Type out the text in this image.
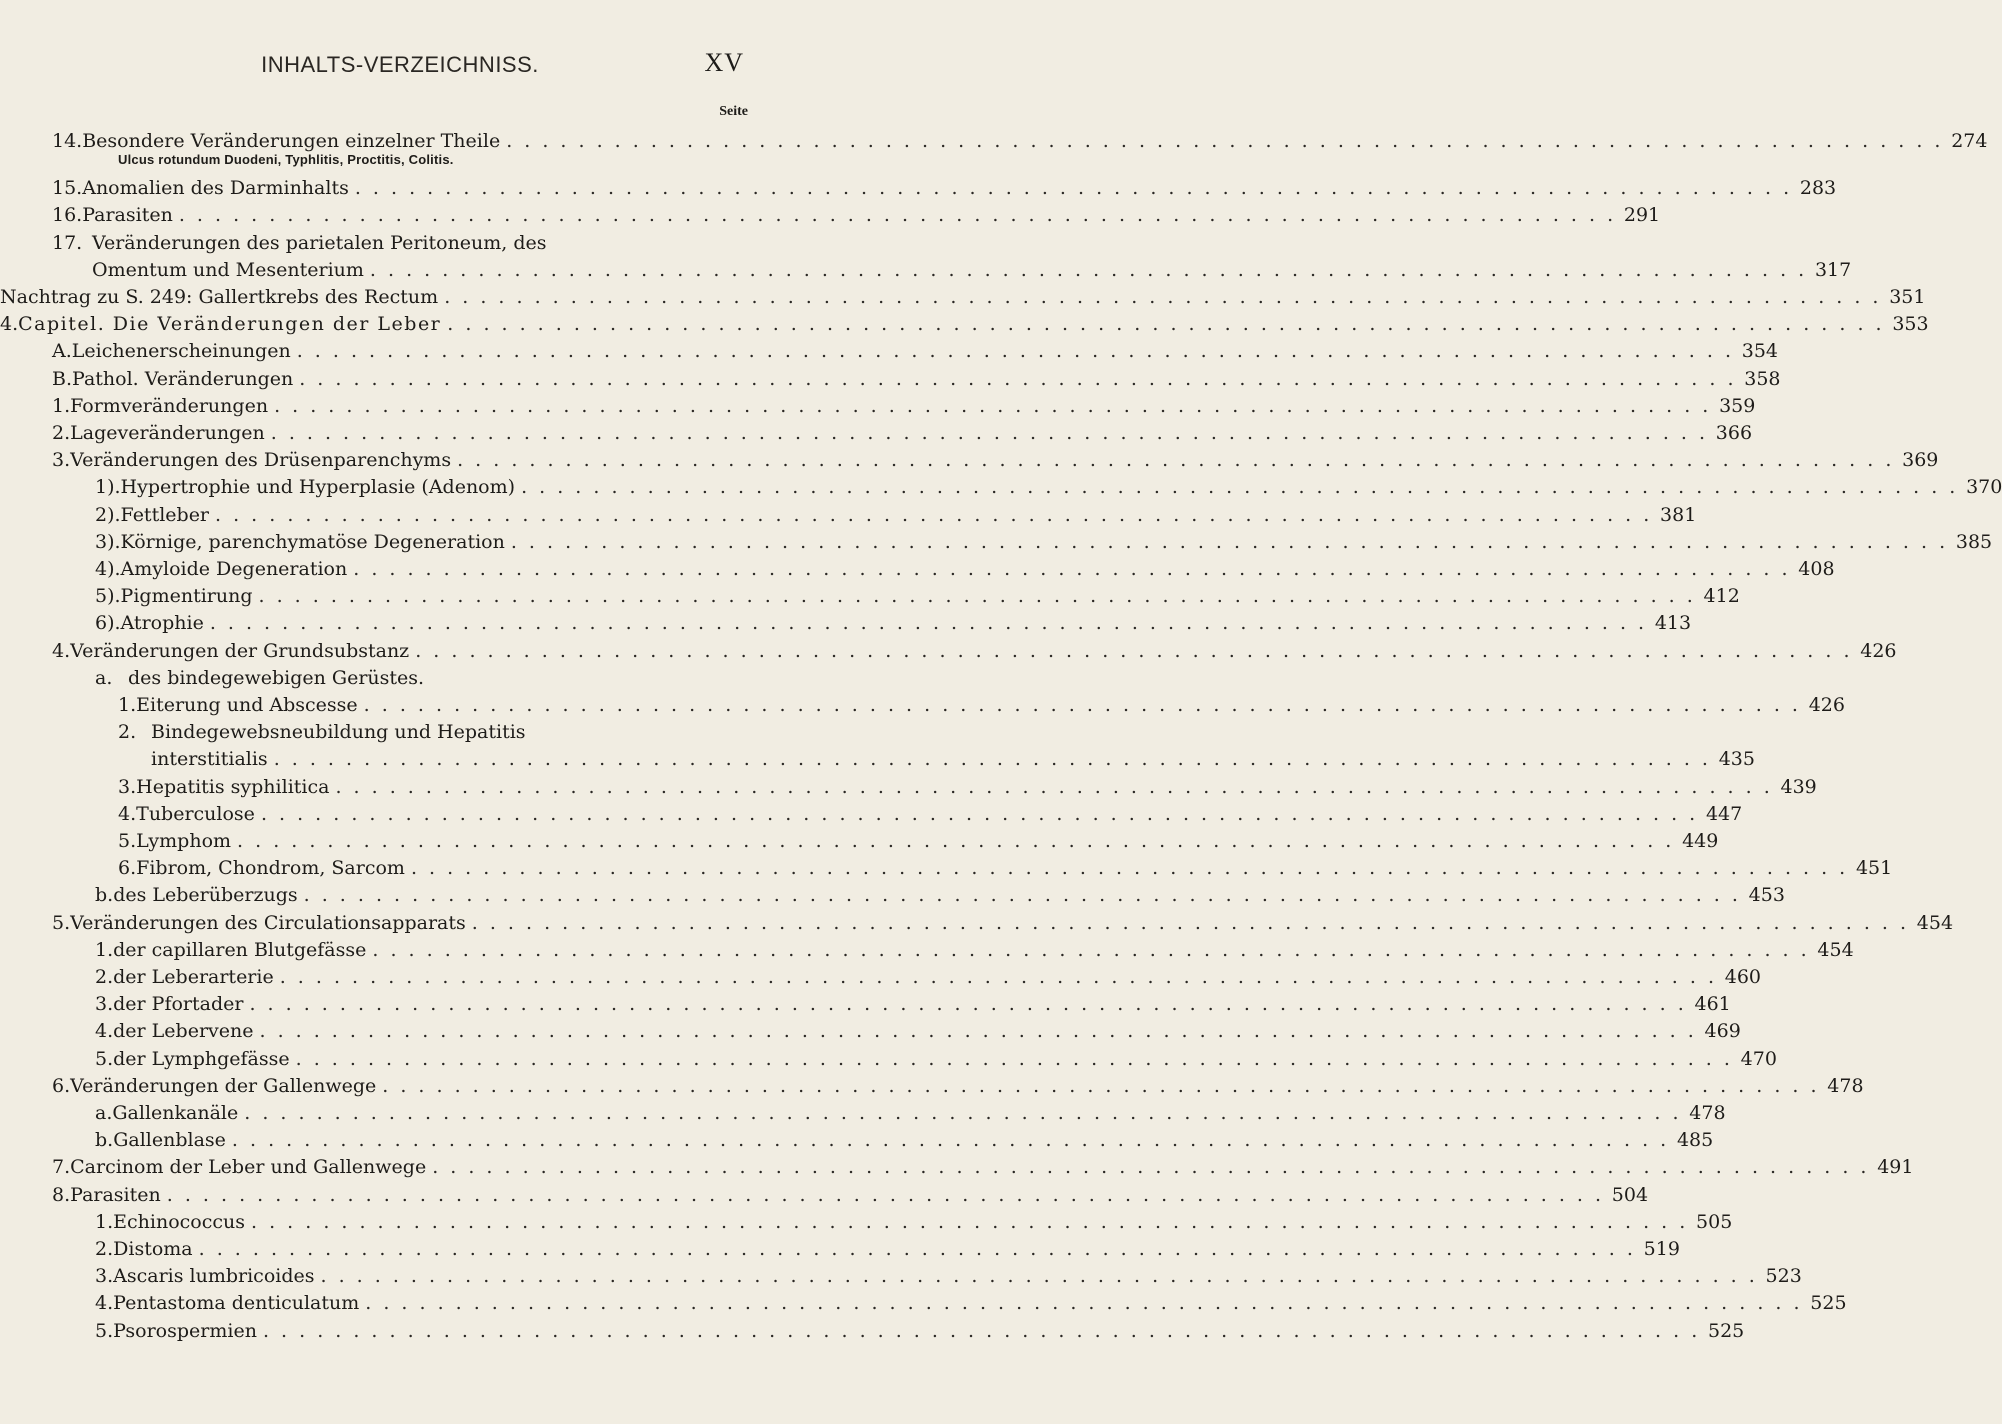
INHALTS-VERZEICHNISS.	XV
Seite
14. Besondere Veränderungen einzelner Theile . . . . . . . . . . . . . . . . . . . . . . . . . . . . . . . . . . . . . . . . . . . . . . . . . . . . . . . . . . . . . . . . . . . . . . . . . . . . . . . . 274
Ulcus rotundum Duodeni, Typhlitis, Proctitis, Colitis.
15. Anomalien des Darminhalts . . . . . . . . . . . . . . . . . . . . . . . . . . . . . . . . . . . . . . . . . . . . . . . . . . . . . . . . . . . . . . . . . . . . . . . . . . . . . . . . 283
16. Parasiten . . . . . . . . . . . . . . . . . . . . . . . . . . . . . . . . . . . . . . . . . . . . . . . . . . . . . . . . . . . . . . . . . . . . . . . . . . . . . . . . 291
17. Veränderungen des parietalen Peritoneum, des
Omentum und Mesenterium . . . . . . . . . . . . . . . . . . . . . . . . . . . . . . . . . . . . . . . . . . . . . . . . . . . . . . . . . . . . . . . . . . . . . . . . . . . . . . . . 317
Nachtrag zu S. 249: Gallertkrebs des Rectum . . . . . . . . . . . . . . . . . . . . . . . . . . . . . . . . . . . . . . . . . . . . . . . . . . . . . . . . . . . . . . . . . . . . . . . . . . . . . . . . 351
4. Capitel. Die Veränderungen der Leber . . . . . . . . . . . . . . . . . . . . . . . . . . . . . . . . . . . . . . . . . . . . . . . . . . . . . . . . . . . . . . . . . . . . . . . . . . . . . . . . 353
A. Leichenerscheinungen . . . . . . . . . . . . . . . . . . . . . . . . . . . . . . . . . . . . . . . . . . . . . . . . . . . . . . . . . . . . . . . . . . . . . . . . . . . . . . . . 354
B. Pathol. Veränderungen . . . . . . . . . . . . . . . . . . . . . . . . . . . . . . . . . . . . . . . . . . . . . . . . . . . . . . . . . . . . . . . . . . . . . . . . . . . . . . . . 358
1. Formveränderungen . . . . . . . . . . . . . . . . . . . . . . . . . . . . . . . . . . . . . . . . . . . . . . . . . . . . . . . . . . . . . . . . . . . . . . . . . . . . . . . . 359
2. Lageveränderungen . . . . . . . . . . . . . . . . . . . . . . . . . . . . . . . . . . . . . . . . . . . . . . . . . . . . . . . . . . . . . . . . . . . . . . . . . . . . . . . . 366
3. Veränderungen des Drüsenparenchyms . . . . . . . . . . . . . . . . . . . . . . . . . . . . . . . . . . . . . . . . . . . . . . . . . . . . . . . . . . . . . . . . . . . . . . . . . . . . . . . . 369
1). Hypertrophie und Hyperplasie (Adenom) . . . . . . . . . . . . . . . . . . . . . . . . . . . . . . . . . . . . . . . . . . . . . . . . . . . . . . . . . . . . . . . . . . . . . . . . . . . . . . . . 370
2). Fettleber . . . . . . . . . . . . . . . . . . . . . . . . . . . . . . . . . . . . . . . . . . . . . . . . . . . . . . . . . . . . . . . . . . . . . . . . . . . . . . . . 381
3). Körnige, parenchymatöse Degeneration . . . . . . . . . . . . . . . . . . . . . . . . . . . . . . . . . . . . . . . . . . . . . . . . . . . . . . . . . . . . . . . . . . . . . . . . . . . . . . . . 385
4). Amyloide Degeneration . . . . . . . . . . . . . . . . . . . . . . . . . . . . . . . . . . . . . . . . . . . . . . . . . . . . . . . . . . . . . . . . . . . . . . . . . . . . . . . . 408
5). Pigmentirung . . . . . . . . . . . . . . . . . . . . . . . . . . . . . . . . . . . . . . . . . . . . . . . . . . . . . . . . . . . . . . . . . . . . . . . . . . . . . . . . 412
6). Atrophie . . . . . . . . . . . . . . . . . . . . . . . . . . . . . . . . . . . . . . . . . . . . . . . . . . . . . . . . . . . . . . . . . . . . . . . . . . . . . . . . 413
4. Veränderungen der Grundsubstanz . . . . . . . . . . . . . . . . . . . . . . . . . . . . . . . . . . . . . . . . . . . . . . . . . . . . . . . . . . . . . . . . . . . . . . . . . . . . . . . . 426
a. des bindegewebigen Gerüstes.
1. Eiterung und Abscesse . . . . . . . . . . . . . . . . . . . . . . . . . . . . . . . . . . . . . . . . . . . . . . . . . . . . . . . . . . . . . . . . . . . . . . . . . . . . . . . . 426
2. Bindegewebsneubildung und Hepatitis
interstitialis . . . . . . . . . . . . . . . . . . . . . . . . . . . . . . . . . . . . . . . . . . . . . . . . . . . . . . . . . . . . . . . . . . . . . . . . . . . . . . . . 435
3. Hepatitis syphilitica . . . . . . . . . . . . . . . . . . . . . . . . . . . . . . . . . . . . . . . . . . . . . . . . . . . . . . . . . . . . . . . . . . . . . . . . . . . . . . . . 439
4. Tuberculose . . . . . . . . . . . . . . . . . . . . . . . . . . . . . . . . . . . . . . . . . . . . . . . . . . . . . . . . . . . . . . . . . . . . . . . . . . . . . . . . 447
5. Lymphom . . . . . . . . . . . . . . . . . . . . . . . . . . . . . . . . . . . . . . . . . . . . . . . . . . . . . . . . . . . . . . . . . . . . . . . . . . . . . . . . 449
6. Fibrom, Chondrom, Sarcom . . . . . . . . . . . . . . . . . . . . . . . . . . . . . . . . . . . . . . . . . . . . . . . . . . . . . . . . . . . . . . . . . . . . . . . . . . . . . . . . 451
b. des Leberüberzugs . . . . . . . . . . . . . . . . . . . . . . . . . . . . . . . . . . . . . . . . . . . . . . . . . . . . . . . . . . . . . . . . . . . . . . . . . . . . . . . . 453
5. Veränderungen des Circulationsapparats . . . . . . . . . . . . . . . . . . . . . . . . . . . . . . . . . . . . . . . . . . . . . . . . . . . . . . . . . . . . . . . . . . . . . . . . . . . . . . . . 454
1. der capillaren Blutgefässe . . . . . . . . . . . . . . . . . . . . . . . . . . . . . . . . . . . . . . . . . . . . . . . . . . . . . . . . . . . . . . . . . . . . . . . . . . . . . . . . 454
2. der Leberarterie . . . . . . . . . . . . . . . . . . . . . . . . . . . . . . . . . . . . . . . . . . . . . . . . . . . . . . . . . . . . . . . . . . . . . . . . . . . . . . . . 460
3. der Pfortader . . . . . . . . . . . . . . . . . . . . . . . . . . . . . . . . . . . . . . . . . . . . . . . . . . . . . . . . . . . . . . . . . . . . . . . . . . . . . . . . 461
4. der Lebervene . . . . . . . . . . . . . . . . . . . . . . . . . . . . . . . . . . . . . . . . . . . . . . . . . . . . . . . . . . . . . . . . . . . . . . . . . . . . . . . . 469
5. der Lymphgefässe . . . . . . . . . . . . . . . . . . . . . . . . . . . . . . . . . . . . . . . . . . . . . . . . . . . . . . . . . . . . . . . . . . . . . . . . . . . . . . . . 470
6. Veränderungen der Gallenwege . . . . . . . . . . . . . . . . . . . . . . . . . . . . . . . . . . . . . . . . . . . . . . . . . . . . . . . . . . . . . . . . . . . . . . . . . . . . . . . . 478
a. Gallenkanäle . . . . . . . . . . . . . . . . . . . . . . . . . . . . . . . . . . . . . . . . . . . . . . . . . . . . . . . . . . . . . . . . . . . . . . . . . . . . . . . . 478
b. Gallenblase . . . . . . . . . . . . . . . . . . . . . . . . . . . . . . . . . . . . . . . . . . . . . . . . . . . . . . . . . . . . . . . . . . . . . . . . . . . . . . . . 485
7. Carcinom der Leber und Gallenwege . . . . . . . . . . . . . . . . . . . . . . . . . . . . . . . . . . . . . . . . . . . . . . . . . . . . . . . . . . . . . . . . . . . . . . . . . . . . . . . . 491
8. Parasiten . . . . . . . . . . . . . . . . . . . . . . . . . . . . . . . . . . . . . . . . . . . . . . . . . . . . . . . . . . . . . . . . . . . . . . . . . . . . . . . . 504
1. Echinococcus . . . . . . . . . . . . . . . . . . . . . . . . . . . . . . . . . . . . . . . . . . . . . . . . . . . . . . . . . . . . . . . . . . . . . . . . . . . . . . . . 505
2. Distoma . . . . . . . . . . . . . . . . . . . . . . . . . . . . . . . . . . . . . . . . . . . . . . . . . . . . . . . . . . . . . . . . . . . . . . . . . . . . . . . . 519
3. Ascaris lumbricoides . . . . . . . . . . . . . . . . . . . . . . . . . . . . . . . . . . . . . . . . . . . . . . . . . . . . . . . . . . . . . . . . . . . . . . . . . . . . . . . . 523
4. Pentastoma denticulatum . . . . . . . . . . . . . . . . . . . . . . . . . . . . . . . . . . . . . . . . . . . . . . . . . . . . . . . . . . . . . . . . . . . . . . . . . . . . . . . . 525
5. Psorospermien . . . . . . . . . . . . . . . . . . . . . . . . . . . . . . . . . . . . . . . . . . . . . . . . . . . . . . . . . . . . . . . . . . . . . . . . . . . . . . . . 525
